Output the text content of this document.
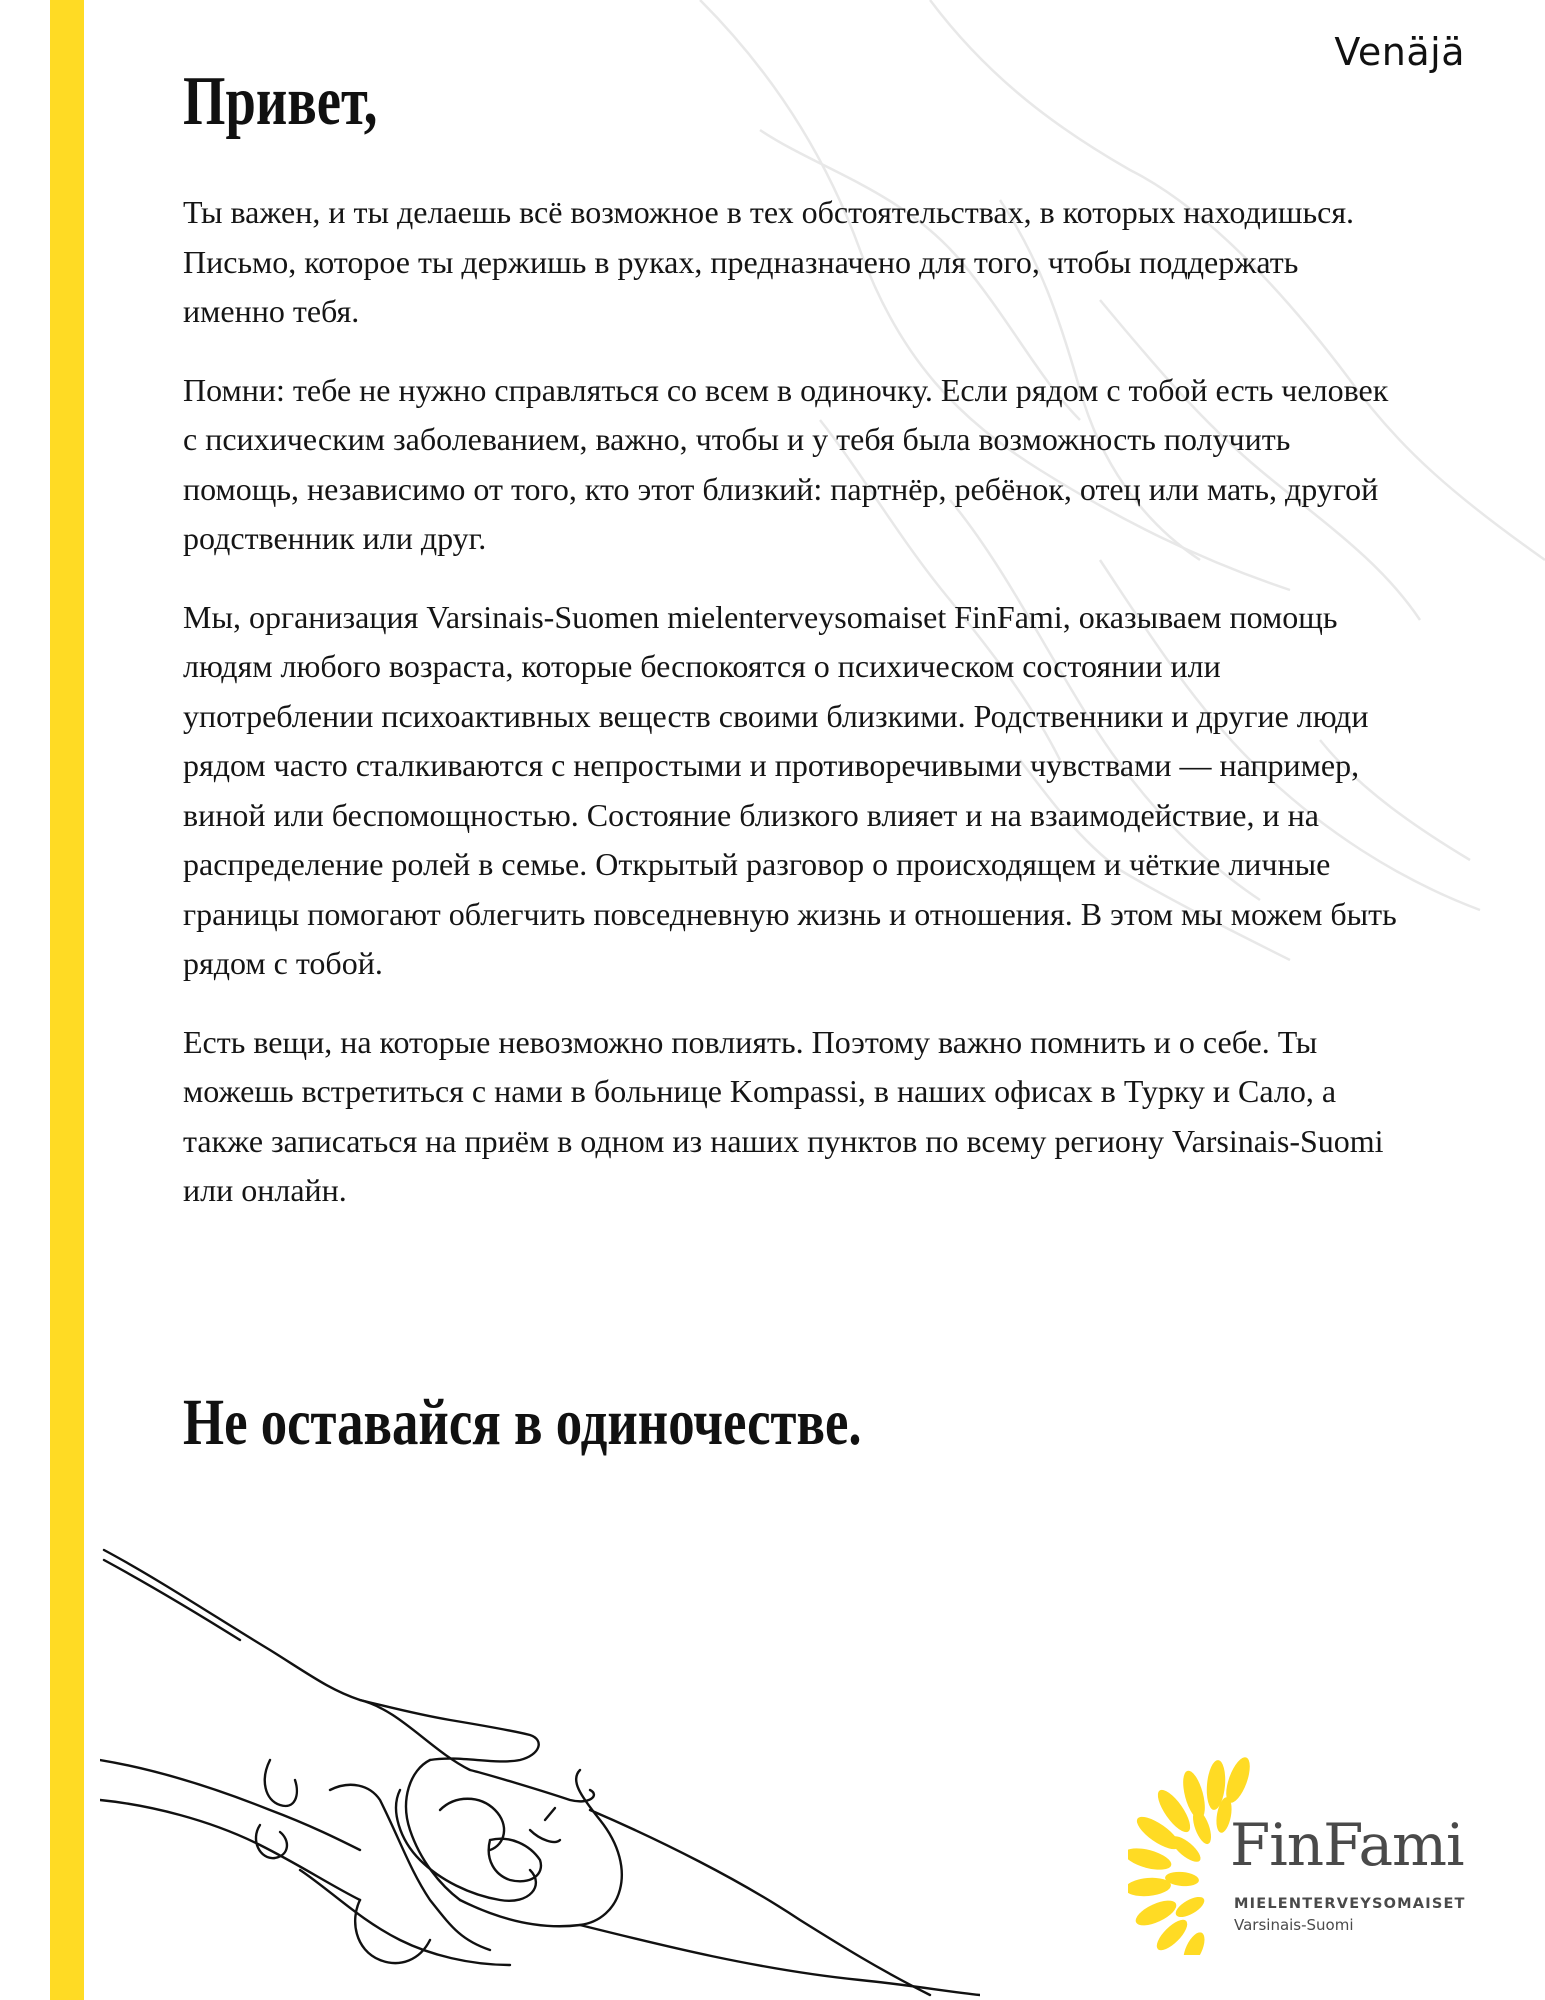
Venäjä
Привет,

Ты важен, и ты делаешь всё возможное в тех обстоятельствах, в которых находишься. Письмо, которое ты держишь в руках, предназначено для того, чтобы поддержать именно тебя.

Помни: тебе не нужно справляться со всем в одиночку. Если рядом с тобой есть человек с психическим заболеванием, важно, чтобы и у тебя была возможность получить помощь, независимо от того, кто этот близкий: партнёр, ребёнок, отец или мать, другой родственник или друг.

Мы, организация Varsinais-Suomen mielenterveysomaiset FinFami, оказываем помощь людям любого возраста, которые беспокоятся о психическом состоянии или употреблении психоактивных веществ своими близкими. Родственники и другие люди рядом часто сталкиваются с непростыми и противоречивыми чувствами — например, виной или беспомощностью. Состояние близкого влияет и на взаимодействие, и на распределение ролей в семье. Открытый разговор о происходящем и чёткие личные границы помогают облегчить повседневную жизнь и отношения. В этом мы можем быть рядом с тобой.

Есть вещи, на которые невозможно повлиять. Поэтому важно помнить и о себе. Ты можешь встретиться с нами в больнице Kompassi, в наших офисах в Турку и Сало, а также записаться на приём в одном из наших пунктов по всему региону Varsinais-Suomi или онлайн.

Не оставайся в одиночестве.
FinFami
MIELENTERVEYSOMAISET
Varsinais-Suomi
